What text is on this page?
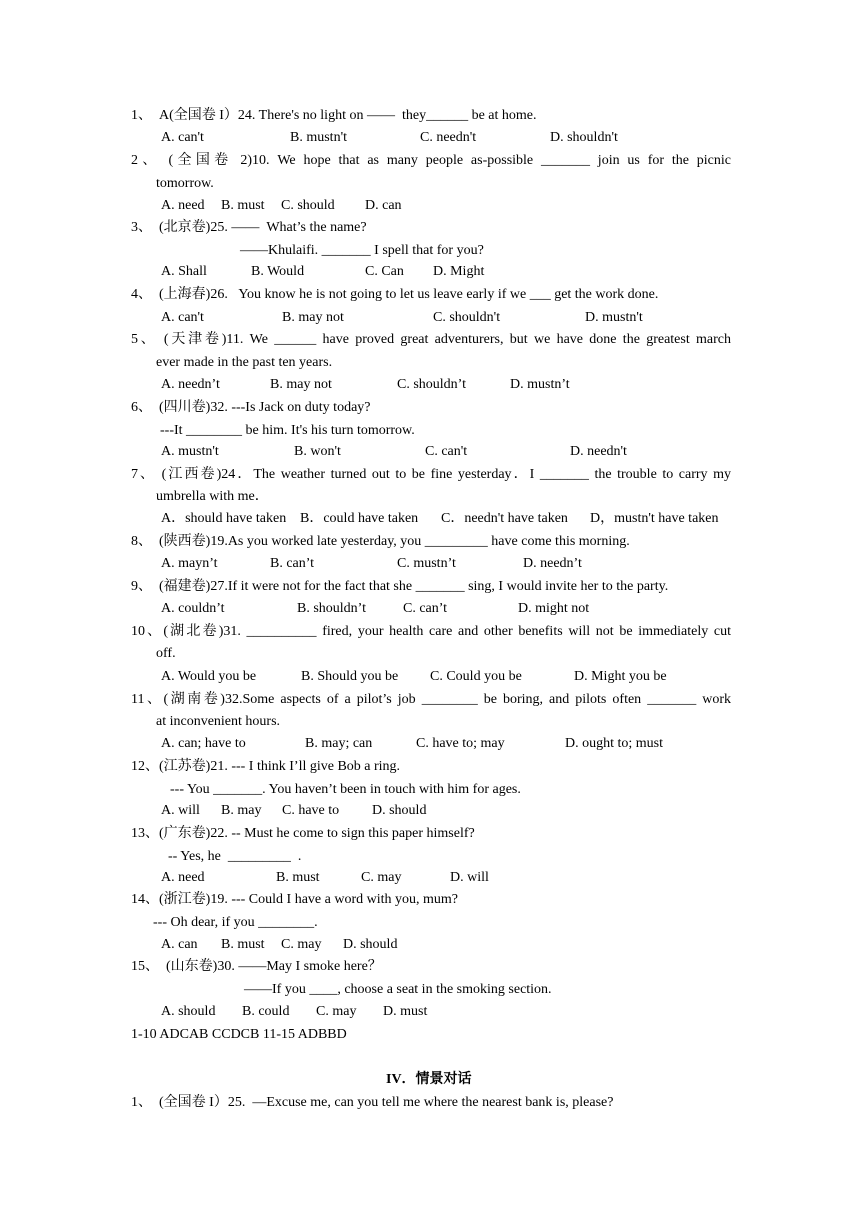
1、  A(全国卷 I）24. There's no light on ——  they______ be at home.
A. can't	B. mustn't	C. needn't	D. shouldn't
2、 (全国卷 2)10. We hope that as many people as-possible _______ join us for the picnic
tomorrow.
A. need B. must C. should D. can
3、  (北京卷)25. ——  What’s the name?
——Khulaifi. _______ I spell that for you?
A. Shall	B. Would	C. Can D. Might
4、  (上海春)26.   You know he is not going to let us leave early if we ___ get the work done.
A. can't	B. may not	C. shouldn't	D. mustn't
5、 (天津卷)11. We ______ have proved great adventurers, but we have done the greatest march
ever made in the past ten years.
A. needn’t	B. may not	C. shouldn’t	D. mustn’t
6、  (四川卷)32. ---Is Jack on duty today?
---It ________ be him. It's his turn tomorrow.
A. mustn't	B. won't	C. can't	D. needn't
7、 (江西卷)24．The weather turned out to be fine yesterday．I _______ the trouble to carry my
umbrella with me．
A．should have taken B．could have taken C．needn't have taken D，mustn't have taken
8、  (陕西卷)19.As you worked late yesterday, you _________ have come this morning.
A. mayn’t	B. can’t	C. mustn’t	D. needn’t
9、  (福建卷)27.If it were not for the fact that she _______ sing, I would invite her to the party.
A. couldn’t	B. shouldn’t	C. can’t	D. might not
10、(湖北卷)31. __________ fired, your health care and other benefits will not be immediately cut
off.
A. Would you be	B. Should you be C. Could you be	D. Might you be
11、(湖南卷)32.Some aspects of a pilot’s job ________ be boring, and pilots often _______ work
at inconvenient hours.
A. can; have to	B. may; can	C. have to; may	D. ought to; must
12、(江苏卷)21. --- I think I’ll give Bob a ring.
--- You _______. You haven’t been in touch with him for ages.
A. will B. may C. have to D. should
13、(广东卷)22. -- Must he come to sign this paper himself?
-- Yes, he  _________  .
A. need	B. must	C. may	D. will
14、(浙江卷)19. --- Could I have a word with you, mum?
--- Oh dear, if you ________.
A. can B. must C. may D. should
15、  (山东卷)30. ——May I smoke here？
——If you ____, choose a seat in the smoking section.
A. should B. could C. may D. must
1-10 ADCAB CCDCB 11-15 ADBBD
IV．情景对话
1、  (全国卷 I）25.  —Excuse me, can you tell me where the nearest bank is, please?
